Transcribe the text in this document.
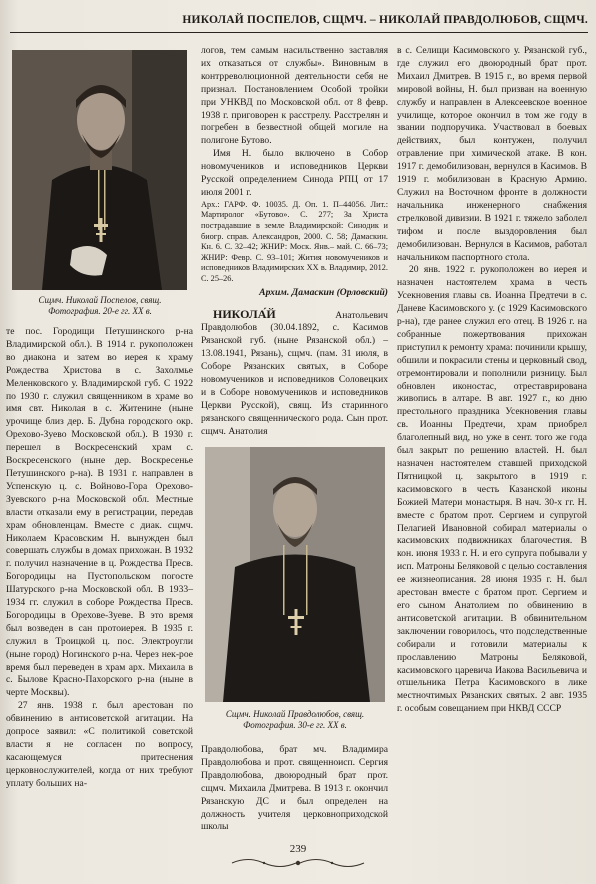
НИКОЛАЙ ПОСПЕЛОВ, СЩМЧ. – НИКОЛАЙ ПРАВДОЛЮБОВ, СЩМЧ.
Сщмч. Николай Поспелов, свящ.
Фотография. 20-е гг. XX в.

те пос. Городищи Петушинского р-на Владимирской обл.). В 1914 г. рукоположен во диакона и затем во иерея к храму Рождества Христова в с. Захолмье Меленковского у. Владимирской губ. С 1922 по 1930 г. служил священником в храме во имя свт. Николая в с. Житенине (ныне урочище близ дер. Б. Дубна городского окр. Орехово-Зуево Московской обл.). В 1930 г. перешел в Воскресенский храм с. Воскресенского (ныне дер. Воскресенье Петушинского р-на). В 1931 г. направлен в Успенскую ц. с. Войново-Гора Орехово-Зуевского р-на Московской обл. Местные власти отказали ему в регистрации, передав храм обновленцам. Вместе с диак. сщмч. Николаем Красовским Н. вынужден был совершать службы в домах прихожан. В 1932 г. получил назначение в ц. Рождества Пресв. Богородицы на Пустопольском погосте Шатурского р-на Московской обл. В 1933–1934 гг. служил в соборе Рождества Пресв. Богородицы в Орехове-Зуеве. В это время был возведен в сан протоиерея. В 1935 г. служил в Троицкой ц. пос. Электроугли (ныне город) Ногинского р-на. Через нек-рое время был переведен в храм арх. Михаила в с. Былове Красно-Пахорского р-на (ныне в черте Москвы).

27 янв. 1938 г. был арестован по обвинению в антисоветской агитации. На допросе заявил: «С политикой советской власти я не согласен по вопросу, касающемуся притеснения церковнослужителей, когда от них требуют уплату больших на-

логов, тем самым насильственно заставляя их отказаться от службы». Виновным в контрреволюционной деятельности себя не признал. Постановлением Особой тройки при УНКВД по Московской обл. от 8 февр. 1938 г. приговорен к расстрелу. Расстрелян и погребен в безвестной общей могиле на полигоне Бутово.

Имя Н. было включено в Собор новомучеников и исповедников Церкви Русской определением Синода РПЦ от 17 июля 2001 г.

Арх.: ГАРФ. Ф. 10035. Д. Оп. 1. П–44056. Лит.: Мартиролог «Бутово». С. 277; За Христа пострадавшие в земле Владимирской: Синодик и биогр. справ. Александров, 2000. С. 58; Дамаскин. Кн. 6. С. 32–42; ЖНИР: Моск. Янв.– май. С. 66–73; ЖНИР: Февр. С. 93–101; Жития новомучеников и исповедников Владимирских XX в. Владимир, 2012. С. 25–26.

Архим. Дамаскин (Орловский)

НИКОЛА́Й	Анатольевич Правдолюбов (30.04.1892, с. Касимов Рязанской губ. (ныне Рязанской обл.) – 13.08.1941, Рязань), сщмч. (пам. 31 июля, в Соборе Рязанских святых, в Соборе новомучеников и исповедников Соловецких и в Соборе новомучеников и исповедников Церкви Русской), свящ. Из старинного рязанского священнического рода. Сын прот. сщмч. Анатолия

Сщмч. Николай Правдолюбов, свящ.
Фотография. 30-е гг. XX в.

Правдолюбова, брат мч. Владимира Правдолюбова и прот. священноисп. Сергия Правдолюбова, двоюродный брат прот. сщмч. Михаила Дмитрева. В 1913 г. окончил Рязанскую ДС и был определен на должность учителя церковноприходской школы

в с. Селищи Касимовского у. Рязанской губ., где служил его двоюродный брат прот. Михаил Дмитрев. В 1915 г., во время первой мировой войны, Н. был призван на военную службу и направлен в Алексеевское военное училище, которое окончил в том же году в звании подпоручика. Участвовал в боевых действиях, был контужен, получил отравление при химической атаке. В кон. 1917 г. демобилизован, вернулся в Касимов. В 1919 г. мобилизован в Красную Армию. Служил на Восточном фронте в должности начальника инженерного снабжения стрелковой дивизии. В 1921 г. тяжело заболел тифом и после выздоровления был демобилизован. Вернулся в Касимов, работал начальником паспортного стола.

20 янв. 1922 г. рукоположен во иерея и назначен настоятелем храма в честь Усекновения главы св. Иоанна Предтечи в с. Даневе Касимовского у. (с 1929 Касимовского р-на), где ранее служил его отец. В 1926 г. на собранные пожертвования прихожан приступил к ремонту храма: починили крышу, обшили и покрасили стены и церковный свод, отремонтировали и пополнили ризницу. Был обновлен иконостас, отреставрирована живопись в алтаре. В авг. 1927 г., ко дню престольного праздника Усекновения главы св. Иоанны Предтечи, храм приобрел благолепный вид, но уже в сент. того же года был закрыт по решению властей. Н. был назначен настоятелем ставшей приходской Пятницкой ц. закрытого в 1919 г. касимовского в честь Казанской иконы Божией Матери монастыря. В нач. 30-х гг. Н. вместе с братом прот. Сергием и супругой Пелагией Ивановной собирал материалы о касимовских подвижниках благочестия. В кон. июня 1933 г. Н. и его супруга побывали у исп. Матроны Беляковой с целью составления ее жизнеописания. 28 июня 1935 г. Н. был арестован вместе с братом прот. Сергием и его сыном Анатолием по обвинению в антисоветской агитации. В обвинительном заключении говорилось, что подследственные собирали и готовили материалы к прославлению Матроны Беляковой, касимовского царевича Иакова Васильевича и отшельника Петра Касимовского в лике местночтимых Рязанских святых. 2 авг. 1935 г. особым совещанием при НКВД СССР

239
